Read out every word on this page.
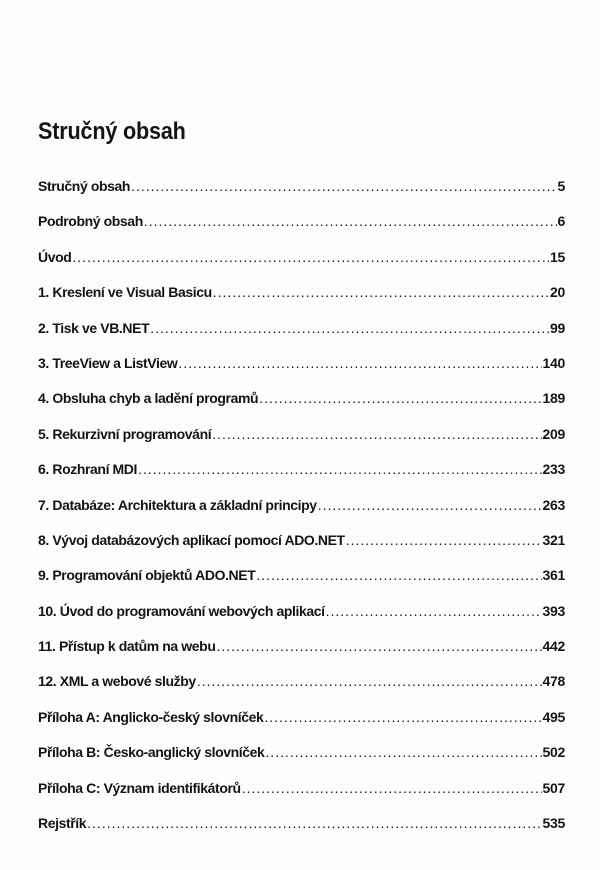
Stručný obsah
Stručný obsah .....	5
Podrobný obsah .....	6
Úvod .....	15
1. Kreslení ve Visual Basicu .....	20
2. Tisk ve VB.NET .....	99
3. TreeView a ListView .....	140
4. Obsluha chyb a ladění programů .....	189
5. Rekurzivní programování .....	209
6. Rozhraní MDI .....	233
7. Databáze: Architektura a základní principy .....	263
8. Vývoj databázových aplikací pomocí ADO.NET .....	321
9. Programování objektů ADO.NET .....	361
10. Úvod do programování webových aplikací .....	393
11. Přístup k datům na webu .....	442
12. XML a webové služby .....	478
Příloha A: Anglicko-český slovníček .....	495
Příloha B: Česko-anglický slovníček .....	502
Příloha C: Význam identifikátorů .....	507
Rejstřík .....	535
